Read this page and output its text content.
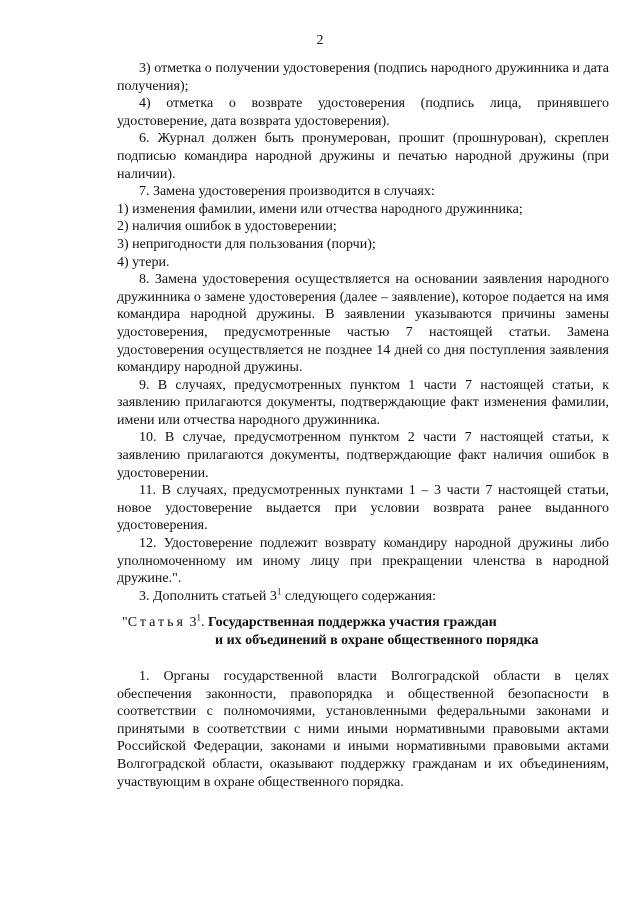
2

3) отметка о получении удостоверения (подпись народного дружинника и дата получения);

4) отметка о возврате удостоверения (подпись лица, принявшего удостоверение, дата возврата удостоверения).

6. Журнал должен быть пронумерован, прошит (прошнурован), скреплен подписью командира народной дружины и печатью народной дружины (при наличии).

7. Замена удостоверения производится в случаях:

1) изменения фамилии, имени или отчества народного дружинника;

2) наличия ошибок в удостоверении;

3) непригодности для пользования (порчи);

4) утери.

8. Замена удостоверения осуществляется на основании заявления народного дружинника о замене удостоверения (далее – заявление), которое подается на имя командира народной дружины. В заявлении указываются причины замены удостоверения, предусмотренные частью 7 настоящей статьи. Замена удостоверения осуществляется не позднее 14 дней со дня поступления заявления командиру народной дружины.

9. В случаях, предусмотренных пунктом 1 части 7 настоящей статьи, к заявлению прилагаются документы, подтверждающие факт изменения фамилии, имени или отчества народного дружинника.

10. В случае, предусмотренном пунктом 2 части 7 настоящей статьи, к заявлению прилагаются документы, подтверждающие факт наличия ошибок в удостоверении.

11. В случаях, предусмотренных пунктами 1 – 3 части 7 настоящей статьи, новое удостоверение выдается при условии возврата ранее выданного удостоверения.

12. Удостоверение подлежит возврату командиру народной дружины либо уполномоченному им иному лицу при прекращении членства в народной дружине.".

3. Дополнить статьей $3^1$ следующего содержания:

"Статья $3^1$. Государственная поддержка участия граждан
и их объединений в охране общественного порядка

1. Органы государственной власти Волгоградской области в целях обеспечения законности, правопорядка и общественной безопасности в соответствии с полномочиями, установленными федеральными законами и принятыми в соответствии с ними иными нормативными правовыми актами Российской Федерации, законами и иными нормативными правовыми актами Волгоградской области, оказывают поддержку гражданам и их объединениям, участвующим в охране общественного порядка.
